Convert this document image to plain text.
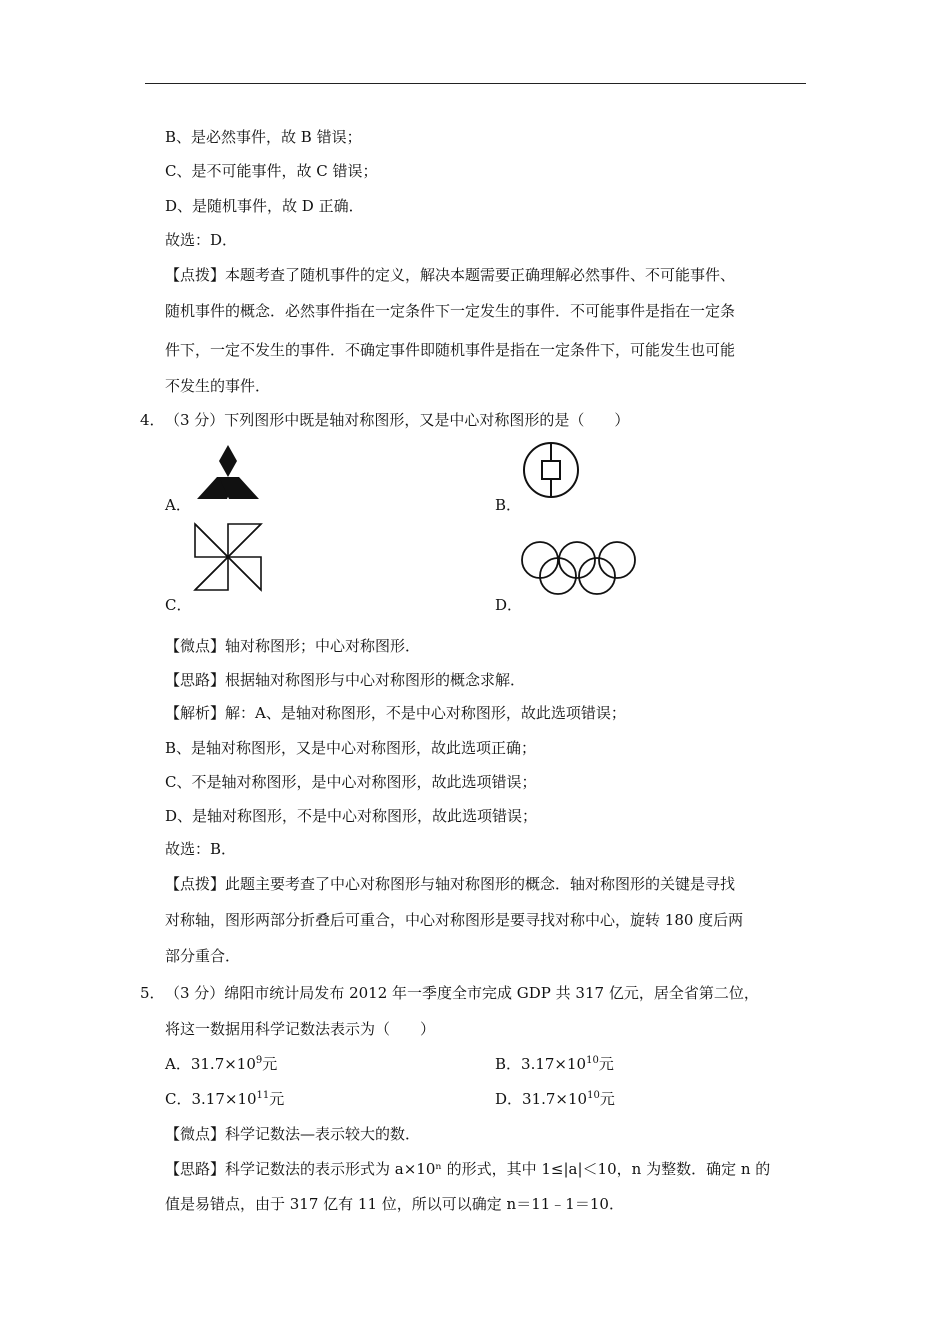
B、是必然事件，故 B 错误；
C、是不可能事件，故 C 错误；
D、是随机事件，故 D 正确．
故选：D．
【点拨】本题考查了随机事件的定义，解决本题需要正确理解必然事件、不可能事件、
随机事件的概念．必然事件指在一定条件下一定发生的事件．不可能事件是指在一定条
件下，一定不发生的事件．不确定事件即随机事件是指在一定条件下，可能发生也可能
不发生的事件．
4． （3 分）下列图形中既是轴对称图形，又是中心对称图形的是（　　）
A．	B．
C．	D．
【微点】轴对称图形；中心对称图形．
【思路】根据轴对称图形与中心对称图形的概念求解．
【解析】解：A、是轴对称图形，不是中心对称图形，故此选项错误；
B、是轴对称图形，又是中心对称图形，故此选项正确；
C、不是轴对称图形，是中心对称图形，故此选项错误；
D、是轴对称图形，不是中心对称图形，故此选项错误；
故选：B．
【点拨】此题主要考查了中心对称图形与轴对称图形的概念．轴对称图形的关键是寻找
对称轴，图形两部分折叠后可重合，中心对称图形是要寻找对称中心，旋转 180 度后两
部分重合．
5． （3 分）绵阳市统计局发布 2012 年一季度全市完成 GDP 共 317 亿元，居全省第二位，
将这一数据用科学记数法表示为（　　）
A．$31.7\times 10^9$元	B．$3.17\times 10^{10}$元
C．$3.17\times 10^{11}$元	D．$31.7\times 10^{10}$元
【微点】科学记数法—表示较大的数．
【思路】科学记数法的表示形式为 a×10ⁿ 的形式，其中 1≤|a|＜10，n 为整数．确定 n 的
值是易错点，由于 317 亿有 11 位，所以可以确定 n＝11﹣1＝10．
